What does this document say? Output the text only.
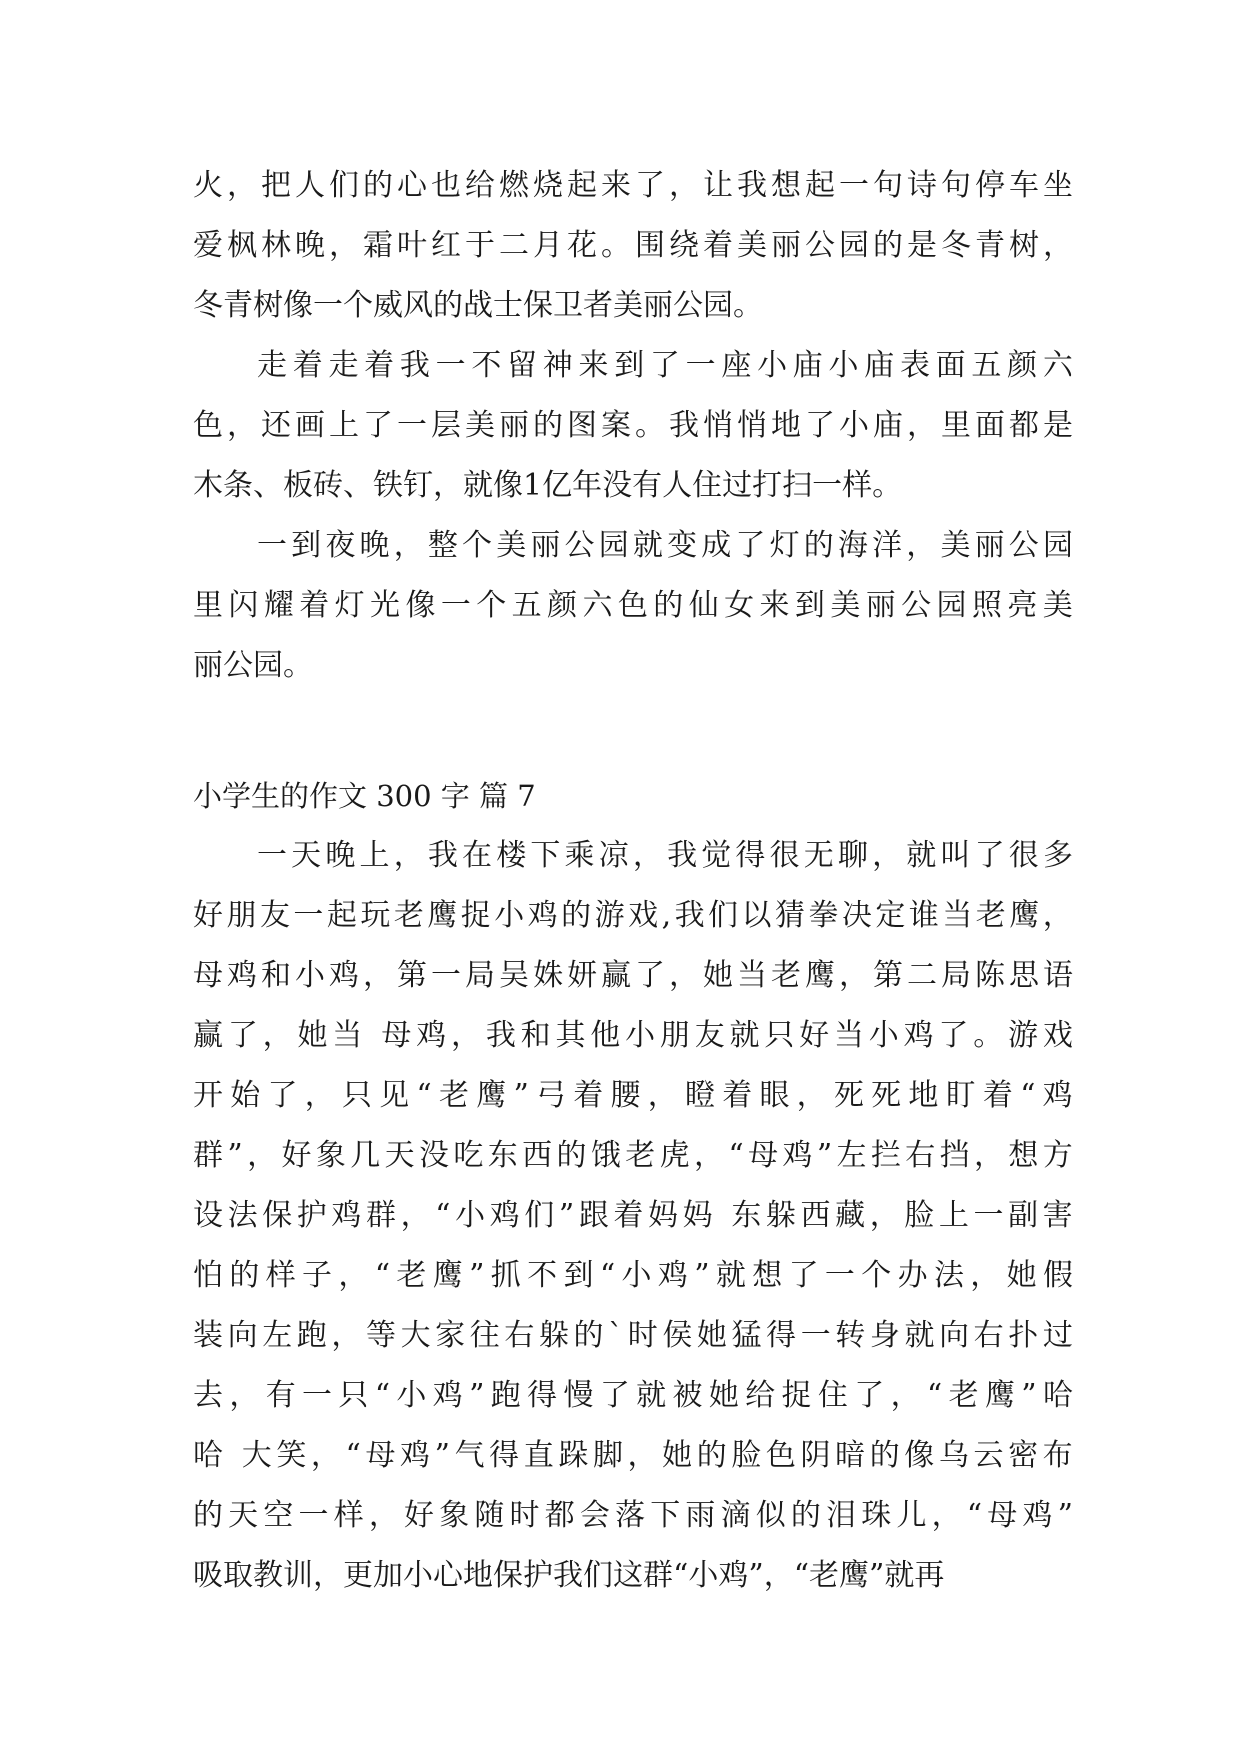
火 ， 把 人 们 的 心 也 给 燃 烧 起 来 了 ， 让 我 想 起 一 句 诗 句 停 车 坐
爱 枫 林 晚 ， 霜 叶 红 于 二 月 花 。 围 绕 着 美 丽 公 园 的 是 冬 青 树 ，
冬 青 树 像 一 个 威 风 的 战 士 保 卫 者 美 丽 公 园 。
走 着 走 着 我 一 不 留 神 来 到 了 一 座 小 庙 小 庙 表 面 五 颜 六
色 ， 还 画 上 了 一 层 美 丽 的 图 案 。 我 悄 悄 地 了 小 庙 ， 里 面 都 是
木 条 、 板 砖 、 铁 钉 ， 就 像 1 亿 年 没 有 人 住 过 打 扫 一 样 。
一 到 夜 晚 ， 整 个 美 丽 公 园 就 变 成 了 灯 的 海 洋 ， 美 丽 公 园
里 闪 耀 着 灯 光 像 一 个 五 颜 六 色 的 仙 女 来 到 美 丽 公 园 照 亮 美
丽 公 园 。
小学生的作文 300 字 篇 7
一 天 晚 上 ， 我 在 楼 下 乘 凉 ， 我 觉 得 很 无 聊 ， 就 叫 了 很 多
好 朋 友 一 起 玩 老 鹰 捉 小 鸡 的 游 戏 , 我 们 以 猜 拳 决 定 谁 当 老 鹰 ，
母 鸡 和 小 鸡 ， 第 一 局 吴 姝 妍 赢 了 ， 她 当 老 鹰 ， 第 二 局 陈 思 语
赢 了 ， 她 当
母 鸡 ， 我 和 其 他 小 朋 友 就 只 好 当 小 鸡 了 。 游 戏
开 始 了 ， 只 见 “ 老 鹰 ” 弓 着 腰 ， 瞪 着 眼 ， 死 死 地 盯 着 “ 鸡
群 ” ， 好 象 几 天 没 吃 东 西 的 饿 老 虎 ， “ 母 鸡 ” 左 拦 右 挡 ， 想 方
设 法 保 护 鸡 群 ， “ 小 鸡 们 ” 跟 着 妈 妈
东 躲 西 藏 ， 脸 上 一 副 害
怕 的 样 子 ， “ 老 鹰 ” 抓 不 到 “ 小 鸡 ” 就 想 了 一 个 办 法 ， 她 假
装 向 左 跑 ， 等 大 家 往 右 躲 的 ` 时 侯 她 猛 得 一 转 身 就 向 右 扑 过
去 ， 有 一 只 “ 小 鸡 ” 跑 得 慢 了 就 被 她 给 捉 住 了 ， “ 老 鹰 ” 哈
哈
大 笑 ， “ 母 鸡 ” 气 得 直 跺 脚 ， 她 的 脸 色 阴 暗 的 像 乌 云 密 布
的 天 空 一 样 ， 好 象 随 时 都 会 落 下 雨 滴 似 的 泪 珠 儿 ， “ 母 鸡 ”
吸 取 教 训 ， 更 加 小 心 地 保 护 我 们 这 群 “ 小 鸡 ” ， “ 老 鹰 ” 就 再
